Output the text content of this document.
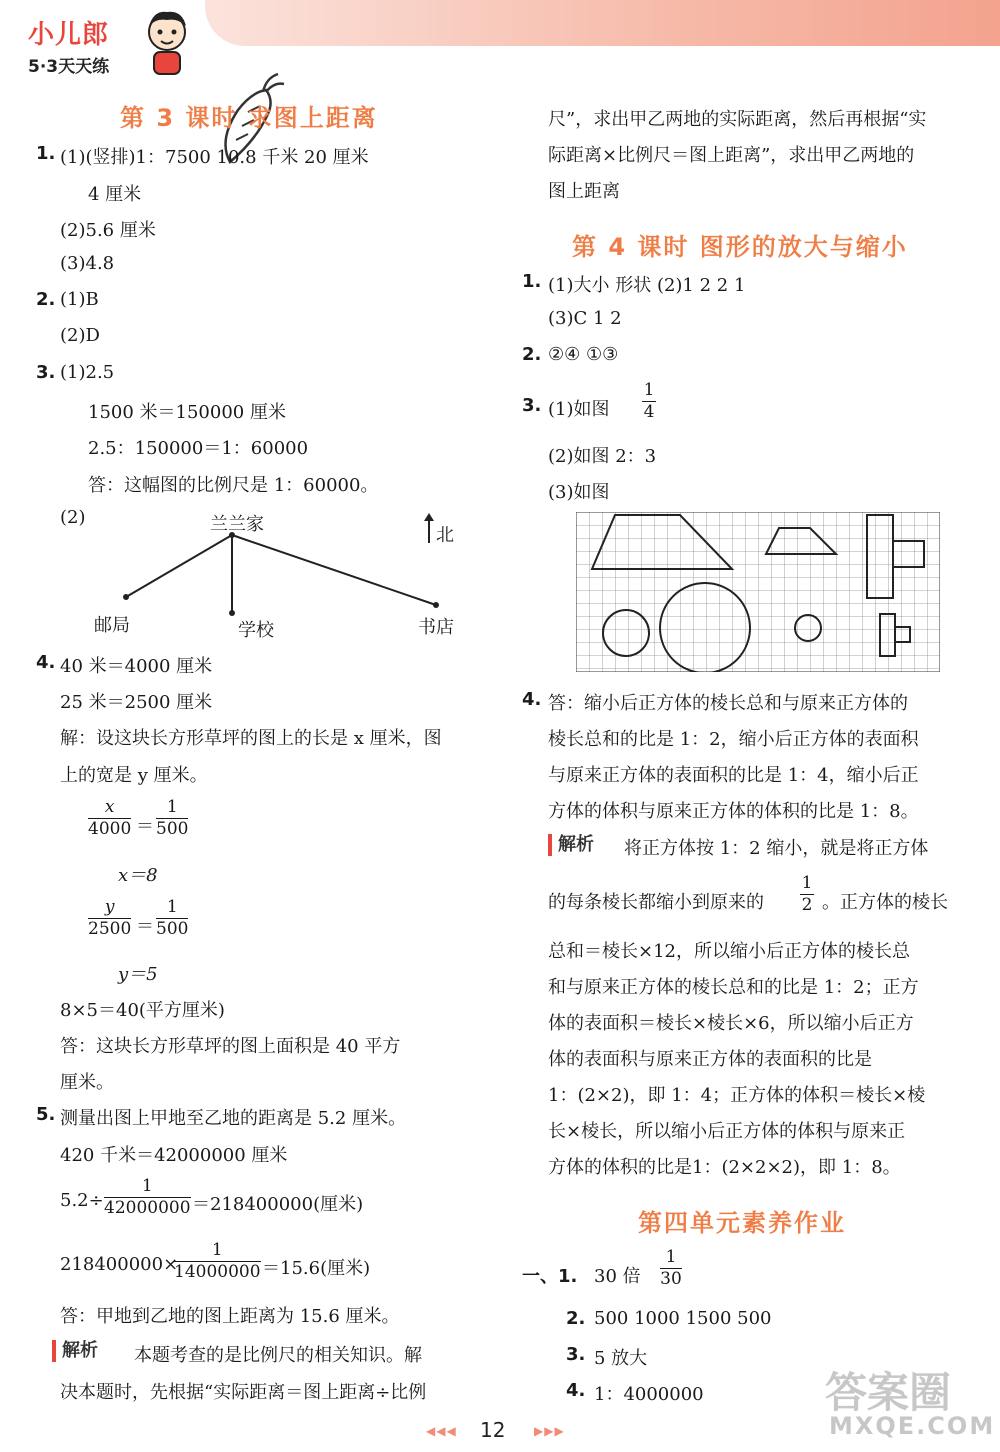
小儿郎
5·3天天练
第 3 课时 求图上距离
1. (1)(竖排)1：7500 10.8 千米 20 厘米
4 厘米
(2)5.6 厘米
(3)4.8
2. (1)B
(2)D
3. (1)2.5
1500 米＝150000 厘米
2.5：150000＝1：60000
答：这幅图的比例尺是 1：60000。
(2)	兰兰家
北
邮局	学校	书店
4. 40 米＝4000 厘米
25 米＝2500 厘米
解：设这块长方形草坪的图上的长是 x 厘米，图
上的宽是 y 厘米。
x
4000 ＝
1
500
x＝8
y
2500 ＝
1
500
y＝5
8×5＝40(平方厘米)
答：这块长方形草坪的图上面积是 40 平方
厘米。
5. 测量出图上甲地至乙地的距离是 5.2 厘米。
420 千米＝42000000 厘米
5.2÷
1
42000000 ＝218400000(厘米)
218400000×
1
14000000 ＝15.6(厘米)
答：甲地到乙地的图上距离为 15.6 厘米。
解析 本题考查的是比例尺的相关知识。解
决本题时，先根据“实际距离＝图上距离÷比例
尺”，求出甲乙两地的实际距离，然后再根据“实
际距离×比例尺＝图上距离”，求出甲乙两地的
图上距离
第 4 课时 图形的放大与缩小
1. (1)大小 形状 (2)1 2 2 1
(3)C 1 2
2. ②④ ①③
3. (1)如图
1
4
(2)如图 2：3
(3)如图
4. 答：缩小后正方体的棱长总和与原来正方体的
棱长总和的比是 1：2，缩小后正方体的表面积
与原来正方体的表面积的比是 1：4，缩小后正
方体的体积与原来正方体的体积的比是 1：8。
解析 将正方体按 1：2 缩小，就是将正方体
的每条棱长都缩小到原来的
1
2 。正方体的棱长
总和＝棱长×12，所以缩小后正方体的棱长总
和与原来正方体的棱长总和的比是 1：2；正方
体的表面积＝棱长×棱长×6，所以缩小后正方
体的表面积与原来正方体的表面积的比是
1：(2×2)，即 1：4；正方体的体积＝棱长×棱
长×棱长，所以缩小后正方体的体积与原来正
方体的体积的比是1：(2×2×2)，即 1：8。
第四单元素养作业
一、1. 30 倍
1
30
2. 500 1000 1500 500
3. 5 放大
4. 1：4000000
◀◀◀ 12 ▶▶▶
答案圈
MXQE.COM
